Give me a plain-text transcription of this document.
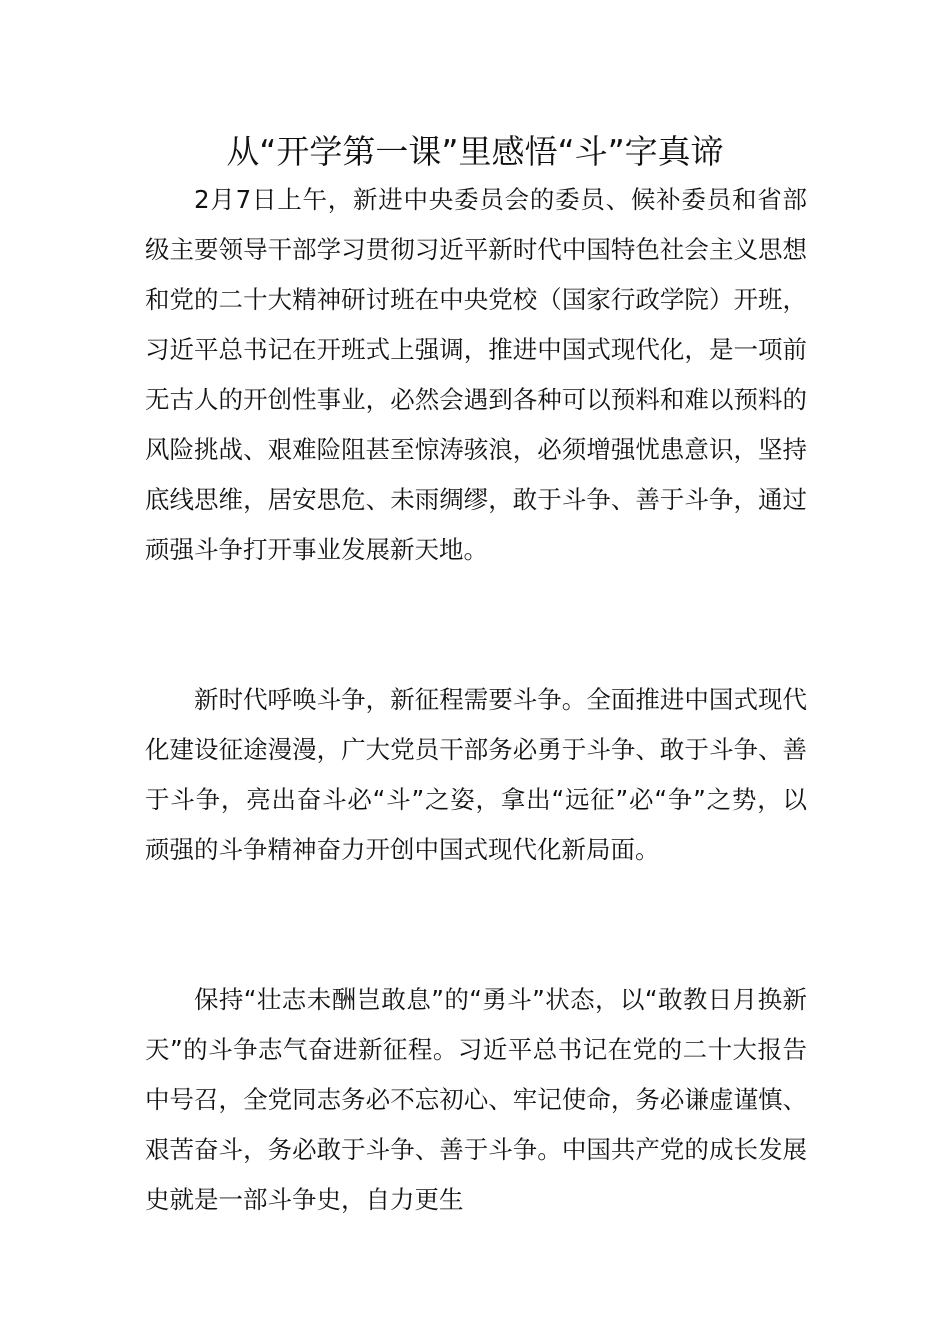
从“开学第一课”里感悟“斗”字真谛

2月7日上午，新进中央委员会的委员、候补委员和省部级主要领导干部学习贯彻习近平新时代中国特色社会主义思想和党的二十大精神研讨班在中央党校（国家行政学院）开班，习近平总书记在开班式上强调，推进中国式现代化，是一项前无古人的开创性事业，必然会遇到各种可以预料和难以预料的风险挑战、艰难险阻甚至惊涛骇浪，必须增强忧患意识，坚持底线思维，居安思危、未雨绸缪，敢于斗争、善于斗争，通过顽强斗争打开事业发展新天地。

新时代呼唤斗争，新征程需要斗争。全面推进中国式现代化建设征途漫漫，广大党员干部务必勇于斗争、敢于斗争、善于斗争，亮出奋斗必“斗”之姿，拿出“远征”必“争”之势，以顽强的斗争精神奋力开创中国式现代化新局面。

保持“壮志未酬岂敢息”的“勇斗”状态，以“敢教日月换新天”的斗争志气奋进新征程。习近平总书记在党的二十大报告中号召，全党同志务必不忘初心、牢记使命，务必谦虚谨慎、艰苦奋斗，务必敢于斗争、善于斗争。中国共产党的成长发展史就是一部斗争史，自力更生
